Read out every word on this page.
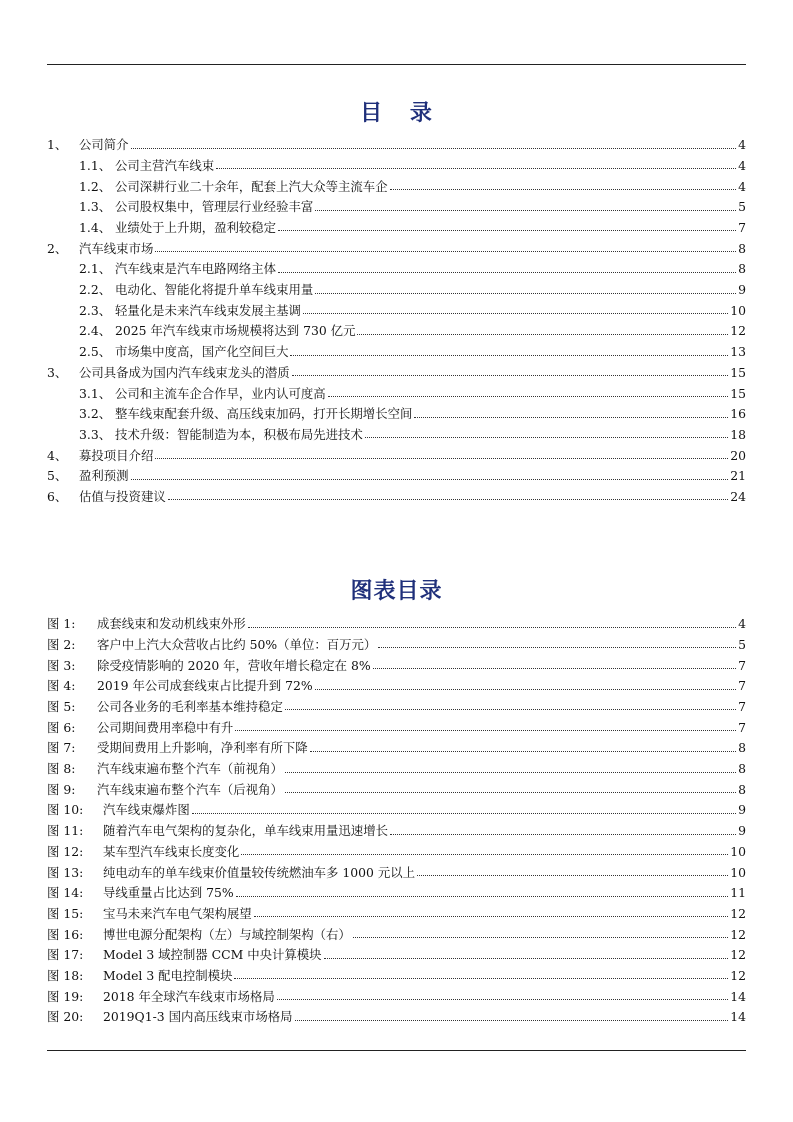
目 录
1、 公司简介	4
1.1、 公司主营汽车线束	4
1.2、 公司深耕行业二十余年，配套上汽大众等主流车企	4
1.3、 公司股权集中，管理层行业经验丰富	5
1.4、 业绩处于上升期，盈利较稳定	7
2、 汽车线束市场	8
2.1、 汽车线束是汽车电路网络主体	8
2.2、 电动化、智能化将提升单车线束用量	9
2.3、 轻量化是未来汽车线束发展主基调	10
2.4、 2025 年汽车线束市场规模将达到 730 亿元	12
2.5、 市场集中度高，国产化空间巨大	13
3、 公司具备成为国内汽车线束龙头的潜质	15
3.1、 公司和主流车企合作早，业内认可度高	15
3.2、 整车线束配套升级、高压线束加码，打开长期增长空间	16
3.3、 技术升级：智能制造为本，积极布局先进技术	18
4、 募投项目介绍	20
5、 盈利预测	21
6、 估值与投资建议	24
图表目录
图 1:	成套线束和发动机线束外形	4
图 2:	客户中上汽大众营收占比约 50%（单位：百万元）	5
图 3:	除受疫情影响的 2020 年，营收年增长稳定在 8%	7
图 4:	2019 年公司成套线束占比提升到 72%	7
图 5:	公司各业务的毛利率基本维持稳定	7
图 6:	公司期间费用率稳中有升	7
图 7:	受期间费用上升影响，净利率有所下降	8
图 8:	汽车线束遍布整个汽车（前视角）	8
图 9:	汽车线束遍布整个汽车（后视角）	8
图 10:	汽车线束爆炸图	9
图 11:	随着汽车电气架构的复杂化，单车线束用量迅速增长	9
图 12:	某车型汽车线束长度变化	10
图 13:	纯电动车的单车线束价值量较传统燃油车多 1000 元以上	10
图 14:	导线重量占比达到 75%	11
图 15:	宝马未来汽车电气架构展望	12
图 16:	博世电源分配架构（左）与域控制架构（右）	12
图 17:	Model 3 域控制器 CCM 中央计算模块	12
图 18:	Model 3 配电控制模块	12
图 19:	2018 年全球汽车线束市场格局	14
图 20:	2019Q1-3 国内高压线束市场格局	14
